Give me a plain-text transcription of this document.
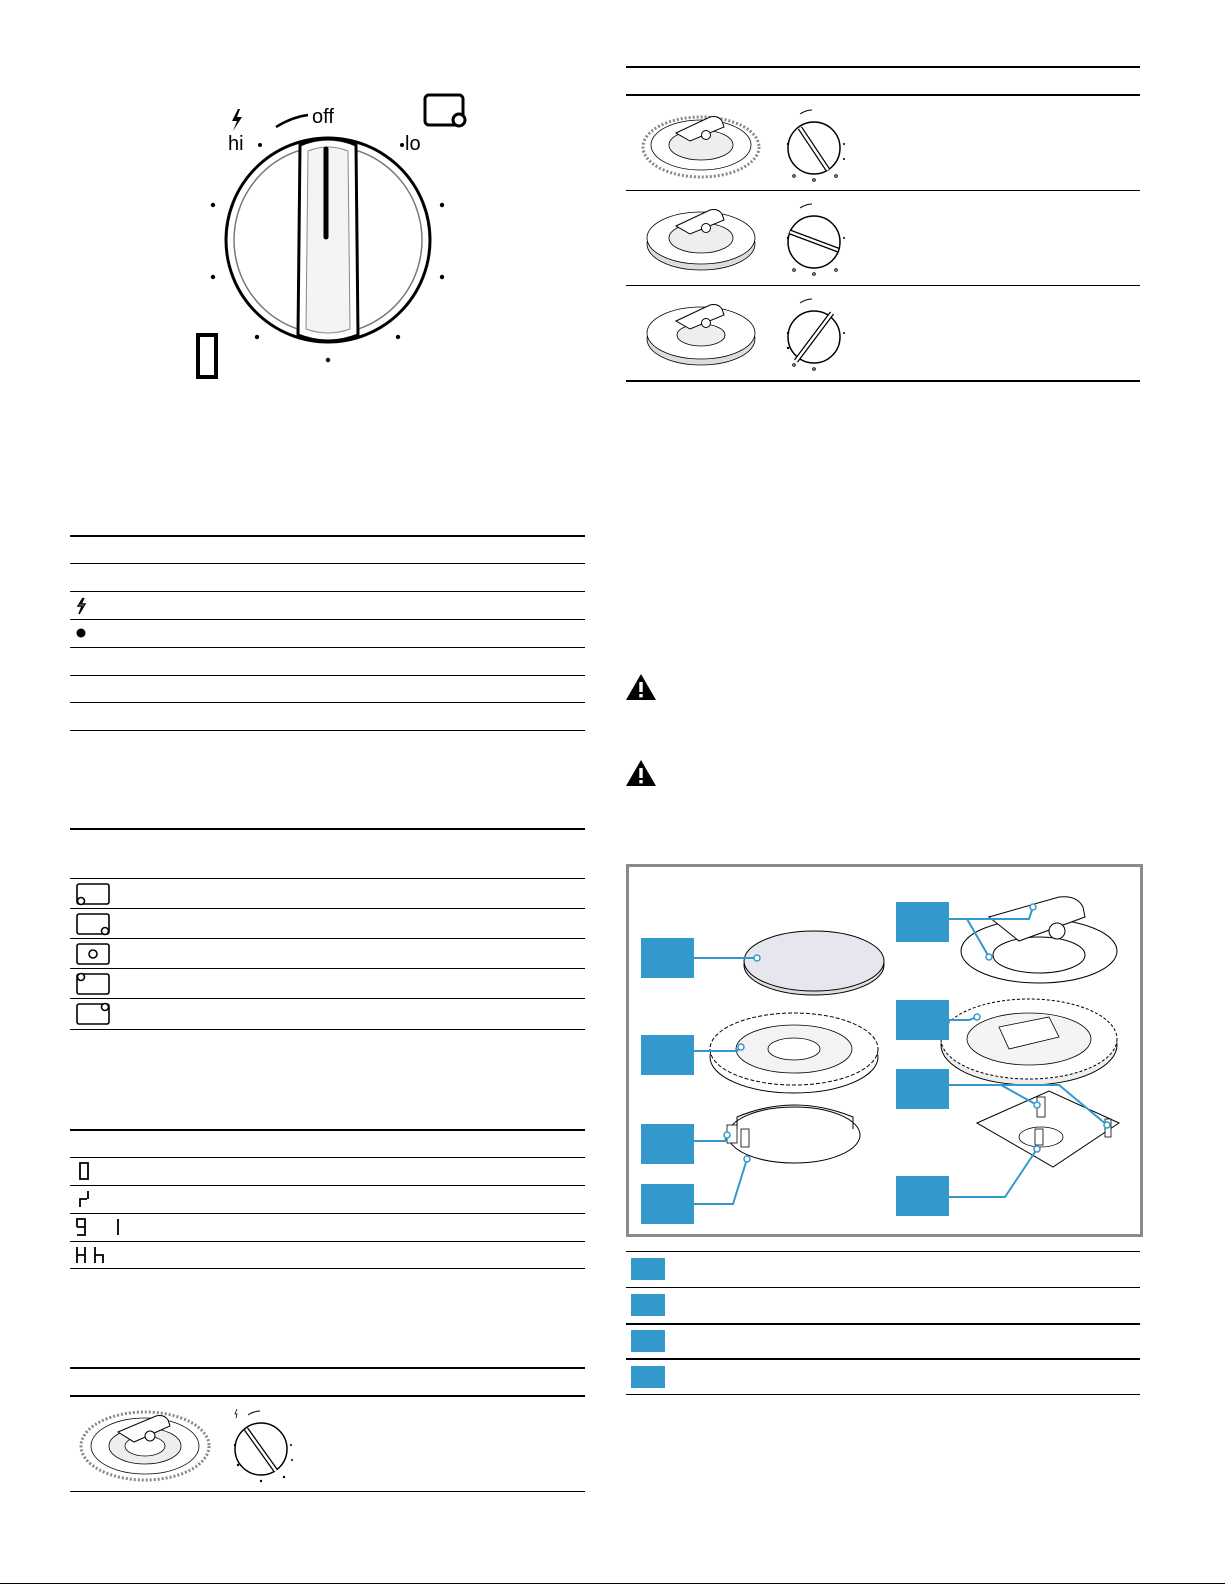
off
hi	lo
